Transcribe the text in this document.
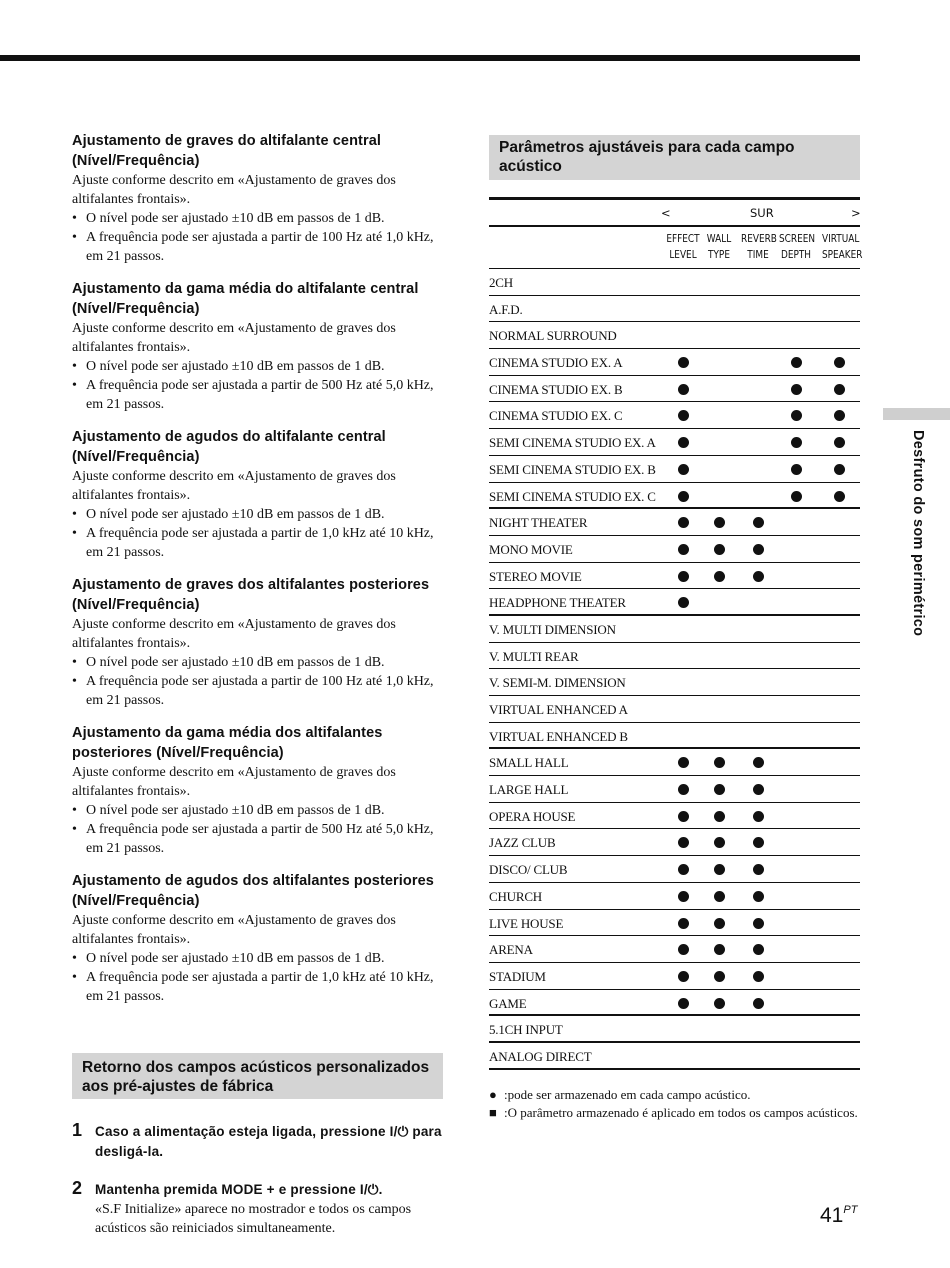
Ajustamento de graves do altifalante central (Nível/Frequência)
Ajuste conforme descrito em «Ajustamento de graves dos altifalantes frontais».
• O nível pode ser ajustado ±10 dB em passos de 1 dB.
• A frequência pode ser ajustada a partir de 100 Hz até 1,0 kHz, em 21 passos.
Ajustamento da gama média do altifalante central (Nível/Frequência)
Ajuste conforme descrito em «Ajustamento de graves dos altifalantes frontais».
• O nível pode ser ajustado ±10 dB em passos de 1 dB.
• A frequência pode ser ajustada a partir de 500 Hz até 5,0 kHz, em 21 passos.
Ajustamento de agudos do altifalante central (Nível/Frequência)
Ajuste conforme descrito em «Ajustamento de graves dos altifalantes frontais».
• O nível pode ser ajustado ±10 dB em passos de 1 dB.
• A frequência pode ser ajustada a partir de 1,0 kHz até 10 kHz, em 21 passos.
Ajustamento de graves dos altifalantes posteriores (Nível/Frequência)
Ajuste conforme descrito em «Ajustamento de graves dos altifalantes frontais».
• O nível pode ser ajustado ±10 dB em passos de 1 dB.
• A frequência pode ser ajustada a partir de 100 Hz até 1,0 kHz, em 21 passos.
Ajustamento da gama média dos altifalantes posteriores (Nível/Frequência)
Ajuste conforme descrito em «Ajustamento de graves dos altifalantes frontais».
• O nível pode ser ajustado ±10 dB em passos de 1 dB.
• A frequência pode ser ajustada a partir de 500 Hz até 5,0 kHz, em 21 passos.
Ajustamento de agudos dos altifalantes posteriores (Nível/Frequência)
Ajuste conforme descrito em «Ajustamento de graves dos altifalantes frontais».
• O nível pode ser ajustado ±10 dB em passos de 1 dB.
• A frequência pode ser ajustada a partir de 1,0 kHz até 10 kHz, em 21 passos.
Retorno dos campos acústicos personalizados aos pré-ajustes de fábrica
1 Caso a alimentação esteja ligada, pressione I/⏻ para desligá-la.
2 Mantenha premida MODE + e pressione I/⏻.
«S.F Initialize» aparece no mostrador e todos os campos acústicos são reiniciados simultaneamente.
Parâmetros ajustáveis para cada campo acústico
<	SUR	>
EFFECT
LEVEL
WALL
TYPE
REVERB
TIME
SCREEN
DEPTH
VIRTUAL
SPEAKER
2CH
A.F.D.
NORMAL SURROUND
CINEMA STUDIO EX. A
CINEMA STUDIO EX. B
CINEMA STUDIO EX. C
SEMI CINEMA STUDIO EX. A
SEMI CINEMA STUDIO EX. B
SEMI CINEMA STUDIO EX. C
NIGHT THEATER
MONO MOVIE
STEREO MOVIE
HEADPHONE THEATER
V. MULTI DIMENSION
V. MULTI REAR
V. SEMI-M. DIMENSION
VIRTUAL ENHANCED A
VIRTUAL ENHANCED B
SMALL HALL
LARGE HALL
OPERA HOUSE
JAZZ CLUB
DISCO/ CLUB
CHURCH
LIVE HOUSE
ARENA
STADIUM
GAME
5.1CH INPUT
ANALOG DIRECT
● :pode ser armazenado em cada campo acústico.
■ :O parâmetro armazenado é aplicado em todos os campos acústicos.
Desfruto do som perimétrico
$41^{PT}$
